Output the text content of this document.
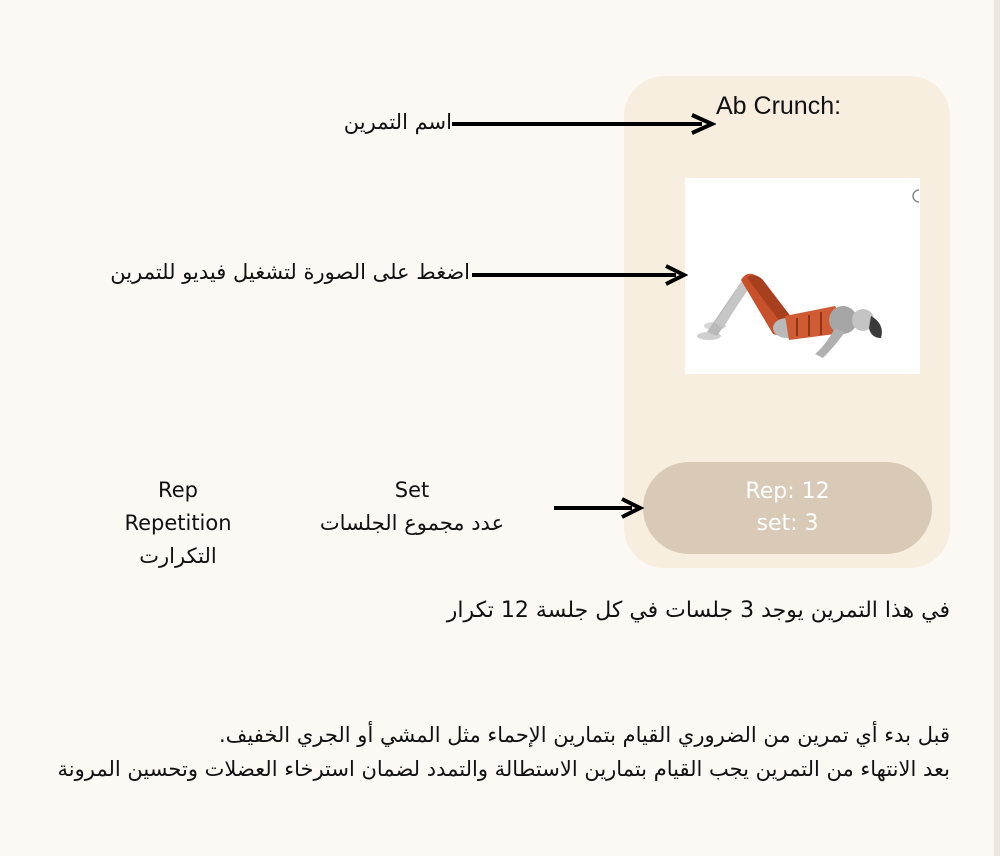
Ab Crunch:
Rep: 12
set: 3
اسم التمرين
اضغط على الصورة لتشغيل فيديو للتمرين
Rep
Repetition
التكرارت
Set
عدد مجموع الجلسات
في هذا التمرين يوجد 3 جلسات في كل جلسة 12 تكرار
قبل بدء أي تمرين من الضروري القيام بتمارين الإحماء مثل المشي أو الجري الخفيف.
بعد الانتهاء من التمرين يجب القيام بتمارين الاستطالة والتمدد لضمان استرخاء العضلات وتحسين المرونة
